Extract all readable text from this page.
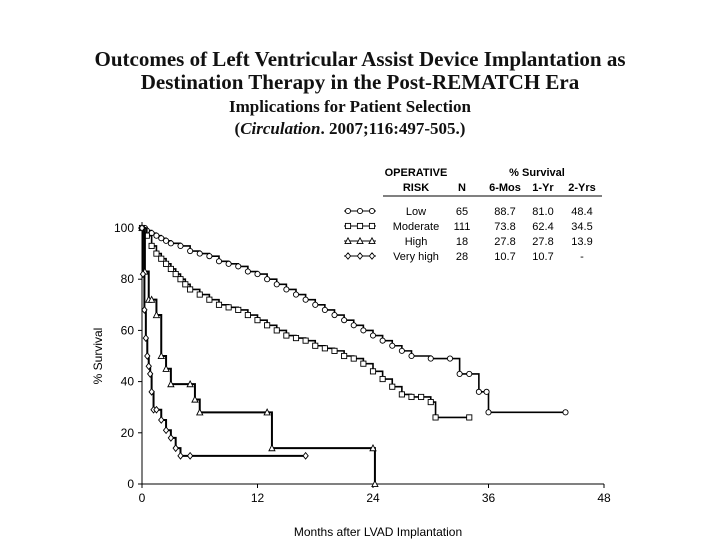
Outcomes of Left Ventricular Assist Device Implantation as
Destination Therapy in the Post-REMATCH Era
Implications for Patient Selection
(Circulation. 2007;116:497-505.)
0
20
40
60
80
100
0	12	24	36	48
Months after LVAD Implantation
% Survival
OPERATIVE
RISK	N
% Survival
6-Mos 1-Yr 2-Yrs
Low	65 88.7 81.0 48.4
Moderate 111 73.8 62.4 34.5
High	18 27.8 27.8 13.9
Very high 28 10.7 10.7 -
